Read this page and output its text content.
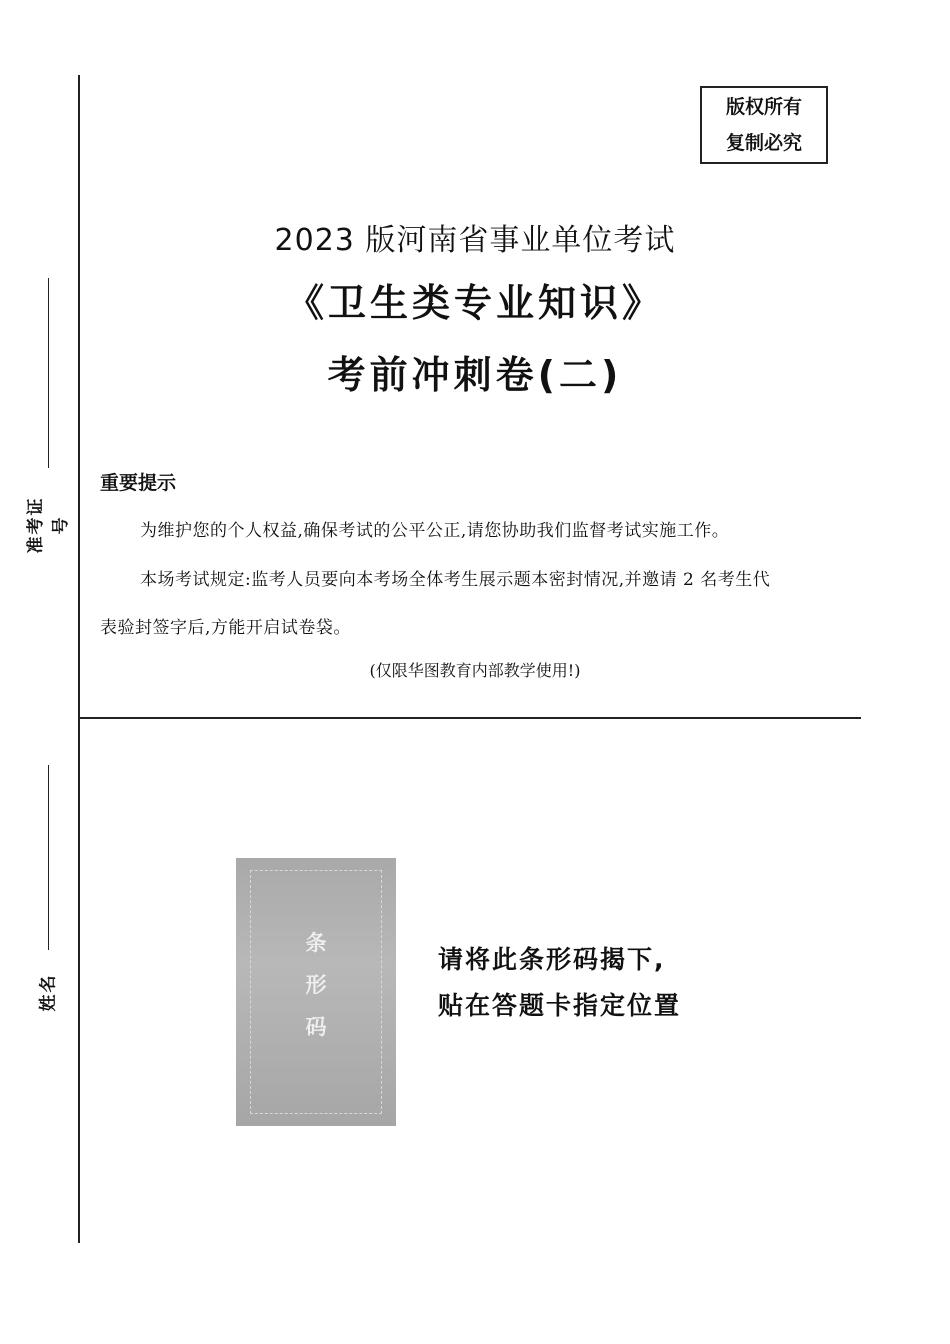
准考证号
姓名
版权所有
复制必究
2023 版河南省事业单位考试
《卫生类专业知识》
考前冲刺卷(二)
重要提示
为维护您的个人权益,确保考试的公平公正,请您协助我们监督考试实施工作。
本场考试规定:监考人员要向本考场全体考生展示题本密封情况,并邀请 2 名考生代
表验封签字后,方能开启试卷袋。
(仅限华图教育内部教学使用!)
条
形
码
请将此条形码揭下,
贴在答题卡指定位置
